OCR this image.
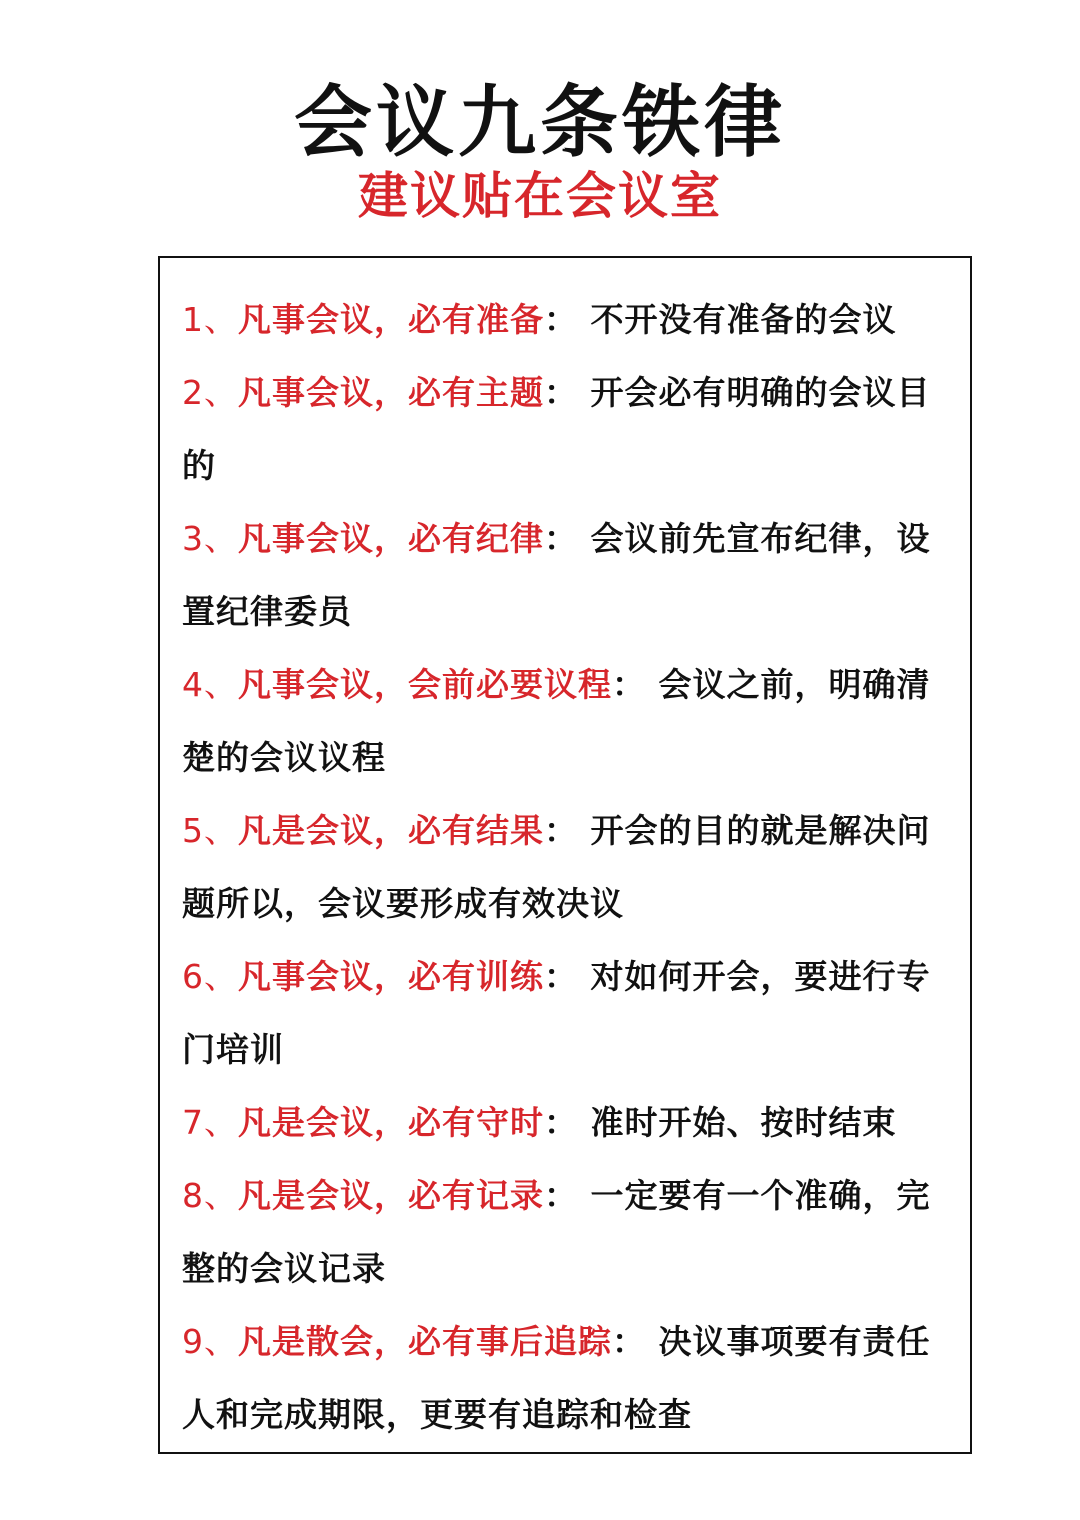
会议九条铁律
建议贴在会议室
1、凡事会议，必有准备： 不开没有准备的会议
2、凡事会议，必有主题： 开会必有明确的会议目的
3、凡事会议，必有纪律： 会议前先宣布纪律，设置纪律委员
4、凡事会议，会前必要议程： 会议之前，明确清楚的会议议程
5、凡是会议，必有结果： 开会的目的就是解决问题所以，会议要形成有效决议
6、凡事会议，必有训练： 对如何开会，要进行专门培训
7、凡是会议，必有守时： 准时开始、按时结束
8、凡是会议，必有记录： 一定要有一个准确，完整的会议记录
9、凡是散会，必有事后追踪： 决议事项要有责任人和完成期限，更要有追踪和检查
